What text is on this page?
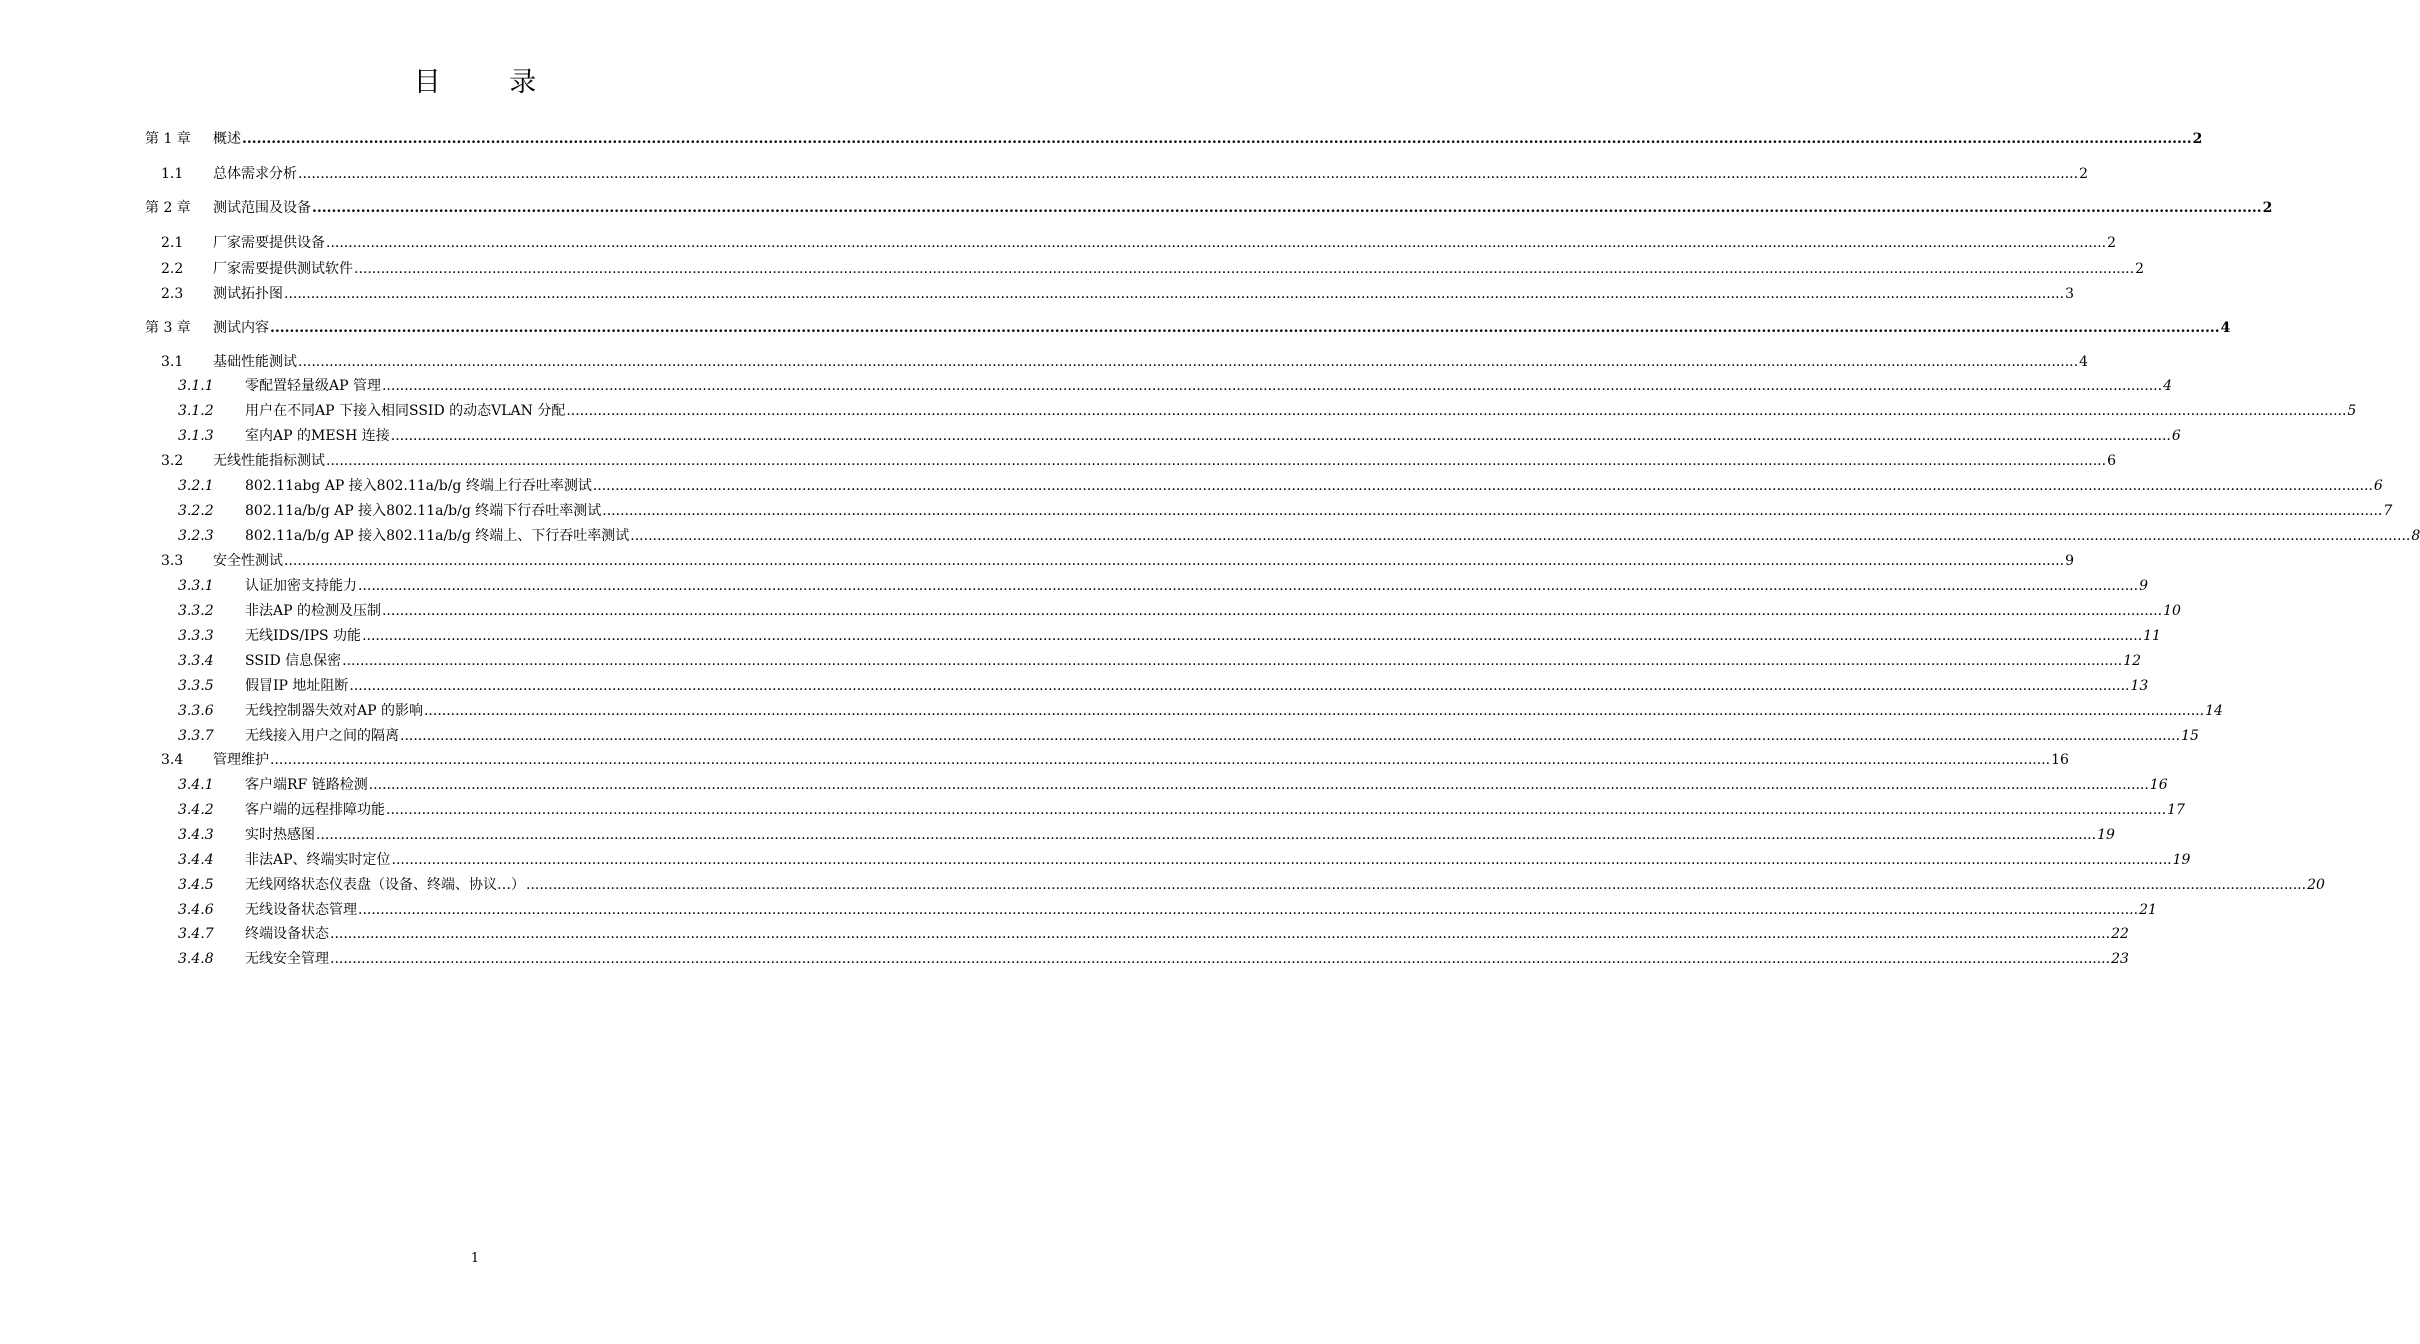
目 录
第 1 章	概述 ................................................................................................................................................................................................................................................................................................................................................................................................................ 2
1.1	总体需求分析 ................................................................................................................................................................................................................................................................................................................................................................................................................ 2
第 2 章	测试范围及设备 ................................................................................................................................................................................................................................................................................................................................................................................................................ 2
2.1	厂家需要提供设备 ................................................................................................................................................................................................................................................................................................................................................................................................................ 2
2.2	厂家需要提供测试软件 ................................................................................................................................................................................................................................................................................................................................................................................................................ 2
2.3	测试拓扑图 ................................................................................................................................................................................................................................................................................................................................................................................................................ 3
第 3 章	测试内容 ................................................................................................................................................................................................................................................................................................................................................................................................................ 4
3.1	基础性能测试 ................................................................................................................................................................................................................................................................................................................................................................................................................ 4
3.1.1	零配置轻量级AP 管理 ................................................................................................................................................................................................................................................................................................................................................................................................................ 4
3.1.2	用户在不同AP 下接入相同SSID 的动态VLAN 分配 ................................................................................................................................................................................................................................................................................................................................................................................................................ 5
3.1.3	室内AP 的MESH 连接 ................................................................................................................................................................................................................................................................................................................................................................................................................ 6
3.2	无线性能指标测试 ................................................................................................................................................................................................................................................................................................................................................................................................................ 6
3.2.1	802.11abg AP 接入802.11a/b/g 终端上行吞吐率测试 ................................................................................................................................................................................................................................................................................................................................................................................................................ 6
3.2.2	802.11a/b/g AP 接入802.11a/b/g 终端下行吞吐率测试 ................................................................................................................................................................................................................................................................................................................................................................................................................ 7
3.2.3	802.11a/b/g AP 接入802.11a/b/g 终端上、下行吞吐率测试 ................................................................................................................................................................................................................................................................................................................................................................................................................ 8
3.3	安全性测试 ................................................................................................................................................................................................................................................................................................................................................................................................................ 9
3.3.1	认证加密支持能力 ................................................................................................................................................................................................................................................................................................................................................................................................................ 9
3.3.2	非法AP 的检测及压制 ................................................................................................................................................................................................................................................................................................................................................................................................................ 10
3.3.3	无线IDS/IPS 功能 ................................................................................................................................................................................................................................................................................................................................................................................................................ 11
3.3.4	SSID 信息保密 ................................................................................................................................................................................................................................................................................................................................................................................................................ 12
3.3.5	假冒IP 地址阻断 ................................................................................................................................................................................................................................................................................................................................................................................................................ 13
3.3.6	无线控制器失效对AP 的影响 ................................................................................................................................................................................................................................................................................................................................................................................................................ 14
3.3.7	无线接入用户之间的隔离 ................................................................................................................................................................................................................................................................................................................................................................................................................ 15
3.4	管理维护 ................................................................................................................................................................................................................................................................................................................................................................................................................ 16
3.4.1	客户端RF 链路检测 ................................................................................................................................................................................................................................................................................................................................................................................................................ 16
3.4.2	客户端的远程排障功能 ................................................................................................................................................................................................................................................................................................................................................................................................................ 17
3.4.3	实时热感图 ................................................................................................................................................................................................................................................................................................................................................................................................................ 19
3.4.4	非法AP、终端实时定位 ................................................................................................................................................................................................................................................................................................................................................................................................................ 19
3.4.5	无线网络状态仪表盘（设备、终端、协议…） ................................................................................................................................................................................................................................................................................................................................................................................................................ 20
3.4.6	无线设备状态管理 ................................................................................................................................................................................................................................................................................................................................................................................................................ 21
3.4.7	终端设备状态 ................................................................................................................................................................................................................................................................................................................................................................................................................ 22
3.4.8	无线安全管理 ................................................................................................................................................................................................................................................................................................................................................................................................................ 23
1
